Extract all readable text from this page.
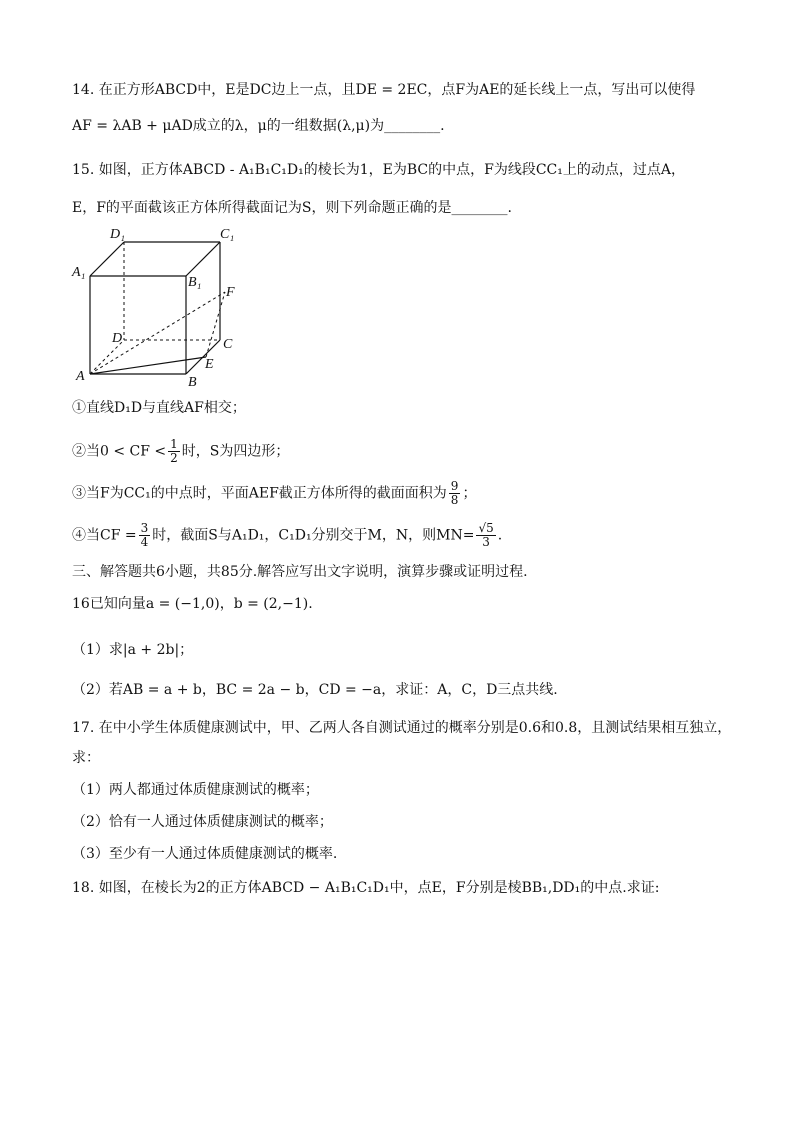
14. 在正方形ABCD中，E是DC边上一点，且DE = 2EC，点F为AE的延长线上一点，写出可以使得
AF = λAB + μAD成立的λ，μ的一组数据(λ,μ)为________.
15. 如图，正方体ABCD - A₁B₁C₁D₁的棱长为1，E为BC的中点，F为线段CC₁上的动点，过点A，
E，F的平面截该正方体所得截面记为S，则下列命题正确的是________.
D₁	C₁
A₁
B₁
F
D	C
A
E
B
①直线D₁D与直线AF相交；
②当0 < CF < $\frac{1}{2}$ 时，S为四边形；
③当F为CC₁的中点时，平面AEF截正方体所得的截面面积为 $\frac{9}{8}$ ；
④当CF = $\frac{3}{4}$ 时，截面S与A₁D₁，C₁D₁分别交于M，N，则$MN= \frac{√5}{3}$ .
三、解答题共6小题，共85分.解答应写出文字说明，演算步骤或证明过程.
16已知向量a = (−1,0)，b = (2,−1).
（1）求|a + 2b|；
（2）若AB = a + b，BC = 2a − b，CD = −a，求证：A，C，D三点共线.
17. 在中小学生体质健康测试中，甲、乙两人各自测试通过的概率分别是0.6和0.8，且测试结果相互独立，
求：
（1）两人都通过体质健康测试的概率；
（2）恰有一人通过体质健康测试的概率；
（3）至少有一人通过体质健康测试的概率.
18. 如图，在棱长为2的正方体ABCD − A₁B₁C₁D₁中，点E，F分别是棱BB₁,DD₁的中点.求证:
